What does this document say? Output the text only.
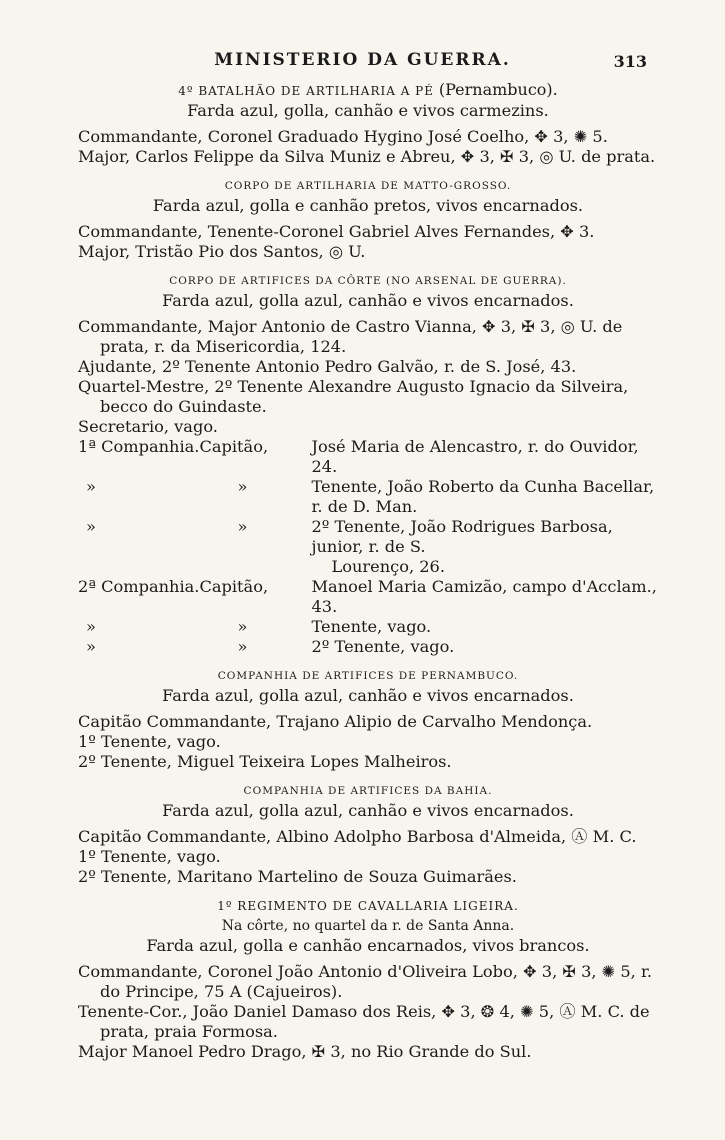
MINISTERIO DA GUERRA.	313
4º BATALHÃO DE ARTILHARIA A PÉ (Pernambuco).
Farda azul, golla, canhão e vivos carmezins.
Commandante, Coronel Graduado Hygino José Coelho, ✥ 3, ✺ 5.
Major, Carlos Felippe da Silva Muniz e Abreu, ✥ 3, ✠ 3, ◎ U. de prata.
CORPO DE ARTILHARIA DE MATTO-GROSSO.
Farda azul, golla e canhão pretos, vivos encarnados.
Commandante, Tenente-Coronel Gabriel Alves Fernandes, ✥ 3.
Major, Tristão Pio dos Santos, ◎ U.
CORPO DE ARTIFICES DA CÔRTE (NO ARSENAL DE GUERRA).
Farda azul, golla azul, canhão e vivos encarnados.
Commandante, Major Antonio de Castro Vianna, ✥ 3, ✠ 3, ◎ U. de prata, r. da Misericordia, 124.
Ajudante, 2º Tenente Antonio Pedro Galvão, r. de S. José, 43.
Quartel-Mestre, 2º Tenente Alexandre Augusto Ignacio da Silveira, becco do Guindaste.
Secretario, vago.
1ª Companhia.	Capitão,	José Maria de Alencastro, r. do Ouvidor, 24.
»	»	Tenente, João Roberto da Cunha Bacellar, r. de D. Man.
»	»	2º Tenente, João Rodrigues Barbosa, junior, r. de S.
Lourenço, 26.

2ª Companhia.	Capitão,	Manoel Maria Camizão, campo d'Acclam., 43.
»	»	Tenente, vago.
»	»	2º Tenente, vago.
COMPANHIA DE ARTIFICES DE PERNAMBUCO.
Farda azul, golla azul, canhão e vivos encarnados.
Capitão Commandante, Trajano Alipio de Carvalho Mendonça.
1º Tenente, vago.
2º Tenente, Miguel Teixeira Lopes Malheiros.
COMPANHIA DE ARTIFICES DA BAHIA.
Farda azul, golla azul, canhão e vivos encarnados.
Capitão Commandante, Albino Adolpho Barbosa d'Almeida, Ⓐ M. C.
1º Tenente, vago.
2º Tenente, Maritano Martelino de Souza Guimarães.
1º REGIMENTO DE CAVALLARIA LIGEIRA.
Na côrte, no quartel da r. de Santa Anna.
Farda azul, golla e canhão encarnados, vivos brancos.
Commandante, Coronel João Antonio d'Oliveira Lobo, ✥ 3, ✠ 3, ✺ 5, r. do Principe, 75 A (Cajueiros).
Tenente-Cor., João Daniel Damaso dos Reis, ✥ 3, ❂ 4, ✺ 5, Ⓐ M. C. de prata, praia Formosa.
Major Manoel Pedro Drago, ✠ 3, no Rio Grande do Sul.
